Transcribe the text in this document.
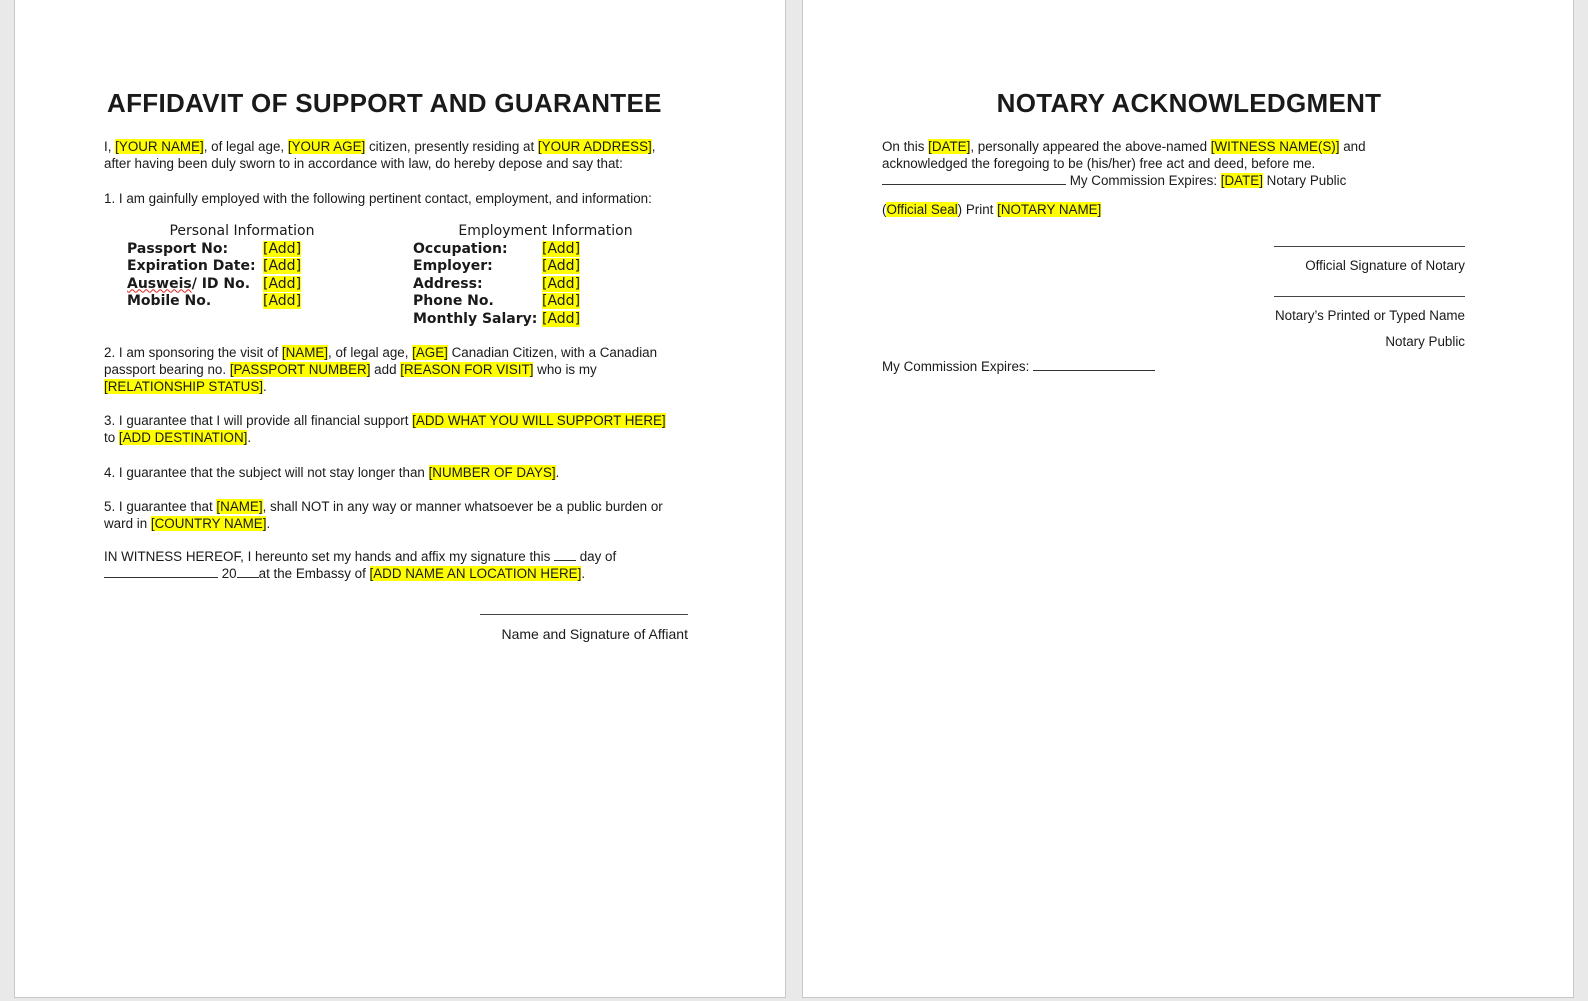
AFFIDAVIT OF SUPPORT AND GUARANTEE
I, [YOUR NAME], of legal age, [YOUR AGE] citizen, presently residing at [YOUR ADDRESS],
after having been duly sworn to in accordance with law, do hereby depose and say that:
1. I am gainfully employed with the following pertinent contact, employment, and information:
Personal Information
Passport No: [Add]
Expiration Date: [Add]
Ausweis/ ID No. [Add]
Mobile No.	[Add]
Employment Information
Occupation: [Add]
Employer:	[Add]
Address:	[Add]
Phone No.	[Add]
Monthly Salary: [Add]
2. I am sponsoring the visit of [NAME], of legal age, [AGE] Canadian Citizen, with a Canadian
passport bearing no. [PASSPORT NUMBER] add [REASON FOR VISIT] who is my
[RELATIONSHIP STATUS].
3. I guarantee that I will provide all financial support [ADD WHAT YOU WILL SUPPORT HERE]
to [ADD DESTINATION].
4. I guarantee that the subject will not stay longer than [NUMBER OF DAYS].
5. I guarantee that [NAME], shall NOT in any way or manner whatsoever be a public burden or
ward in [COUNTRY NAME].
IN WITNESS HEREOF, I hereunto set my hands and affix my signature this  day of
20 at the Embassy of [ADD NAME AN LOCATION HERE].
Name and Signature of Affiant
NOTARY ACKNOWLEDGMENT
On this [DATE], personally appeared the above-named [WITNESS NAME(S)] and
acknowledged the foregoing to be (his/her) free act and deed, before me.
My Commission Expires: [DATE] Notary Public
(Official Seal) Print [NOTARY NAME]
Official Signature of Notary
Notary’s Printed or Typed Name
Notary Public
My Commission Expires:
